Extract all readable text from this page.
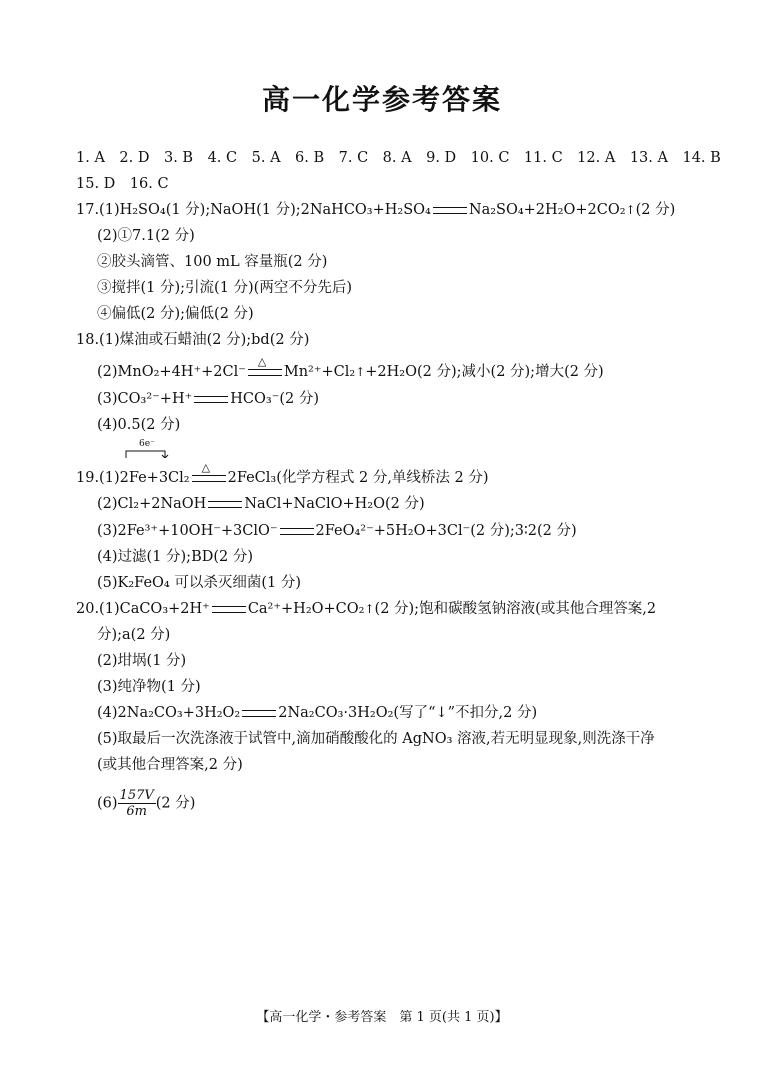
高一化学参考答案
1. A　2. D　3. B　4. C　5. A　6. B　7. C　8. A　9. D　10. C　11. C　12. A　13. A　14. B
15. D　16. C
17.(1)H₂SO₄(1 分);NaOH(1 分);2NaHCO₃+H₂SO₄	Na₂SO₄+2H₂O+2CO₂↑(2 分)
(2)①7.1(2 分)
②胶头滴管、100 mL 容量瓶(2 分)
③搅拌(1 分);引流(1 分)(两空不分先后)
④偏低(2 分);偏低(2 分)
18.(1)煤油或石蜡油(2 分);bd(2 分)
(2)MnO₂+4H⁺+2Cl⁻
△
Mn²⁺+Cl₂↑+2H₂O(2 分);减小(2 分);增大(2 分)
(3)CO₃²⁻+H⁺	HCO₃⁻(2 分)
(4)0.5(2 分)
6e⁻
19.(1)2Fe+3Cl₂
△
2FeCl₃(化学方程式 2 分,单线桥法 2 分)
(2)Cl₂+2NaOH	NaCl+NaClO+H₂O(2 分)
(3)2Fe³⁺+10OH⁻+3ClO⁻	2FeO₄²⁻+5H₂O+3Cl⁻(2 分);3∶2(2 分)
(4)过滤(1 分);BD(2 分)
(5)K₂FeO₄ 可以杀灭细菌(1 分)
20.(1)CaCO₃+2H⁺	Ca²⁺+H₂O+CO₂↑(2 分);饱和碳酸氢钠溶液(或其他合理答案,2
分);a(2 分)
(2)坩埚(1 分)
(3)纯净物(1 分)
(4)2Na₂CO₃+3H₂O₂	2Na₂CO₃·3H₂O₂(写了“↓”不扣分,2 分)
(5)取最后一次洗涤液于试管中,滴加硝酸酸化的 AgNO₃ 溶液,若无明显现象,则洗涤干净
(或其他合理答案,2 分)
$(6) \frac{157V}{6m} (2$ 分)
【高一化学・参考答案　第 1 页(共 1 页)】
